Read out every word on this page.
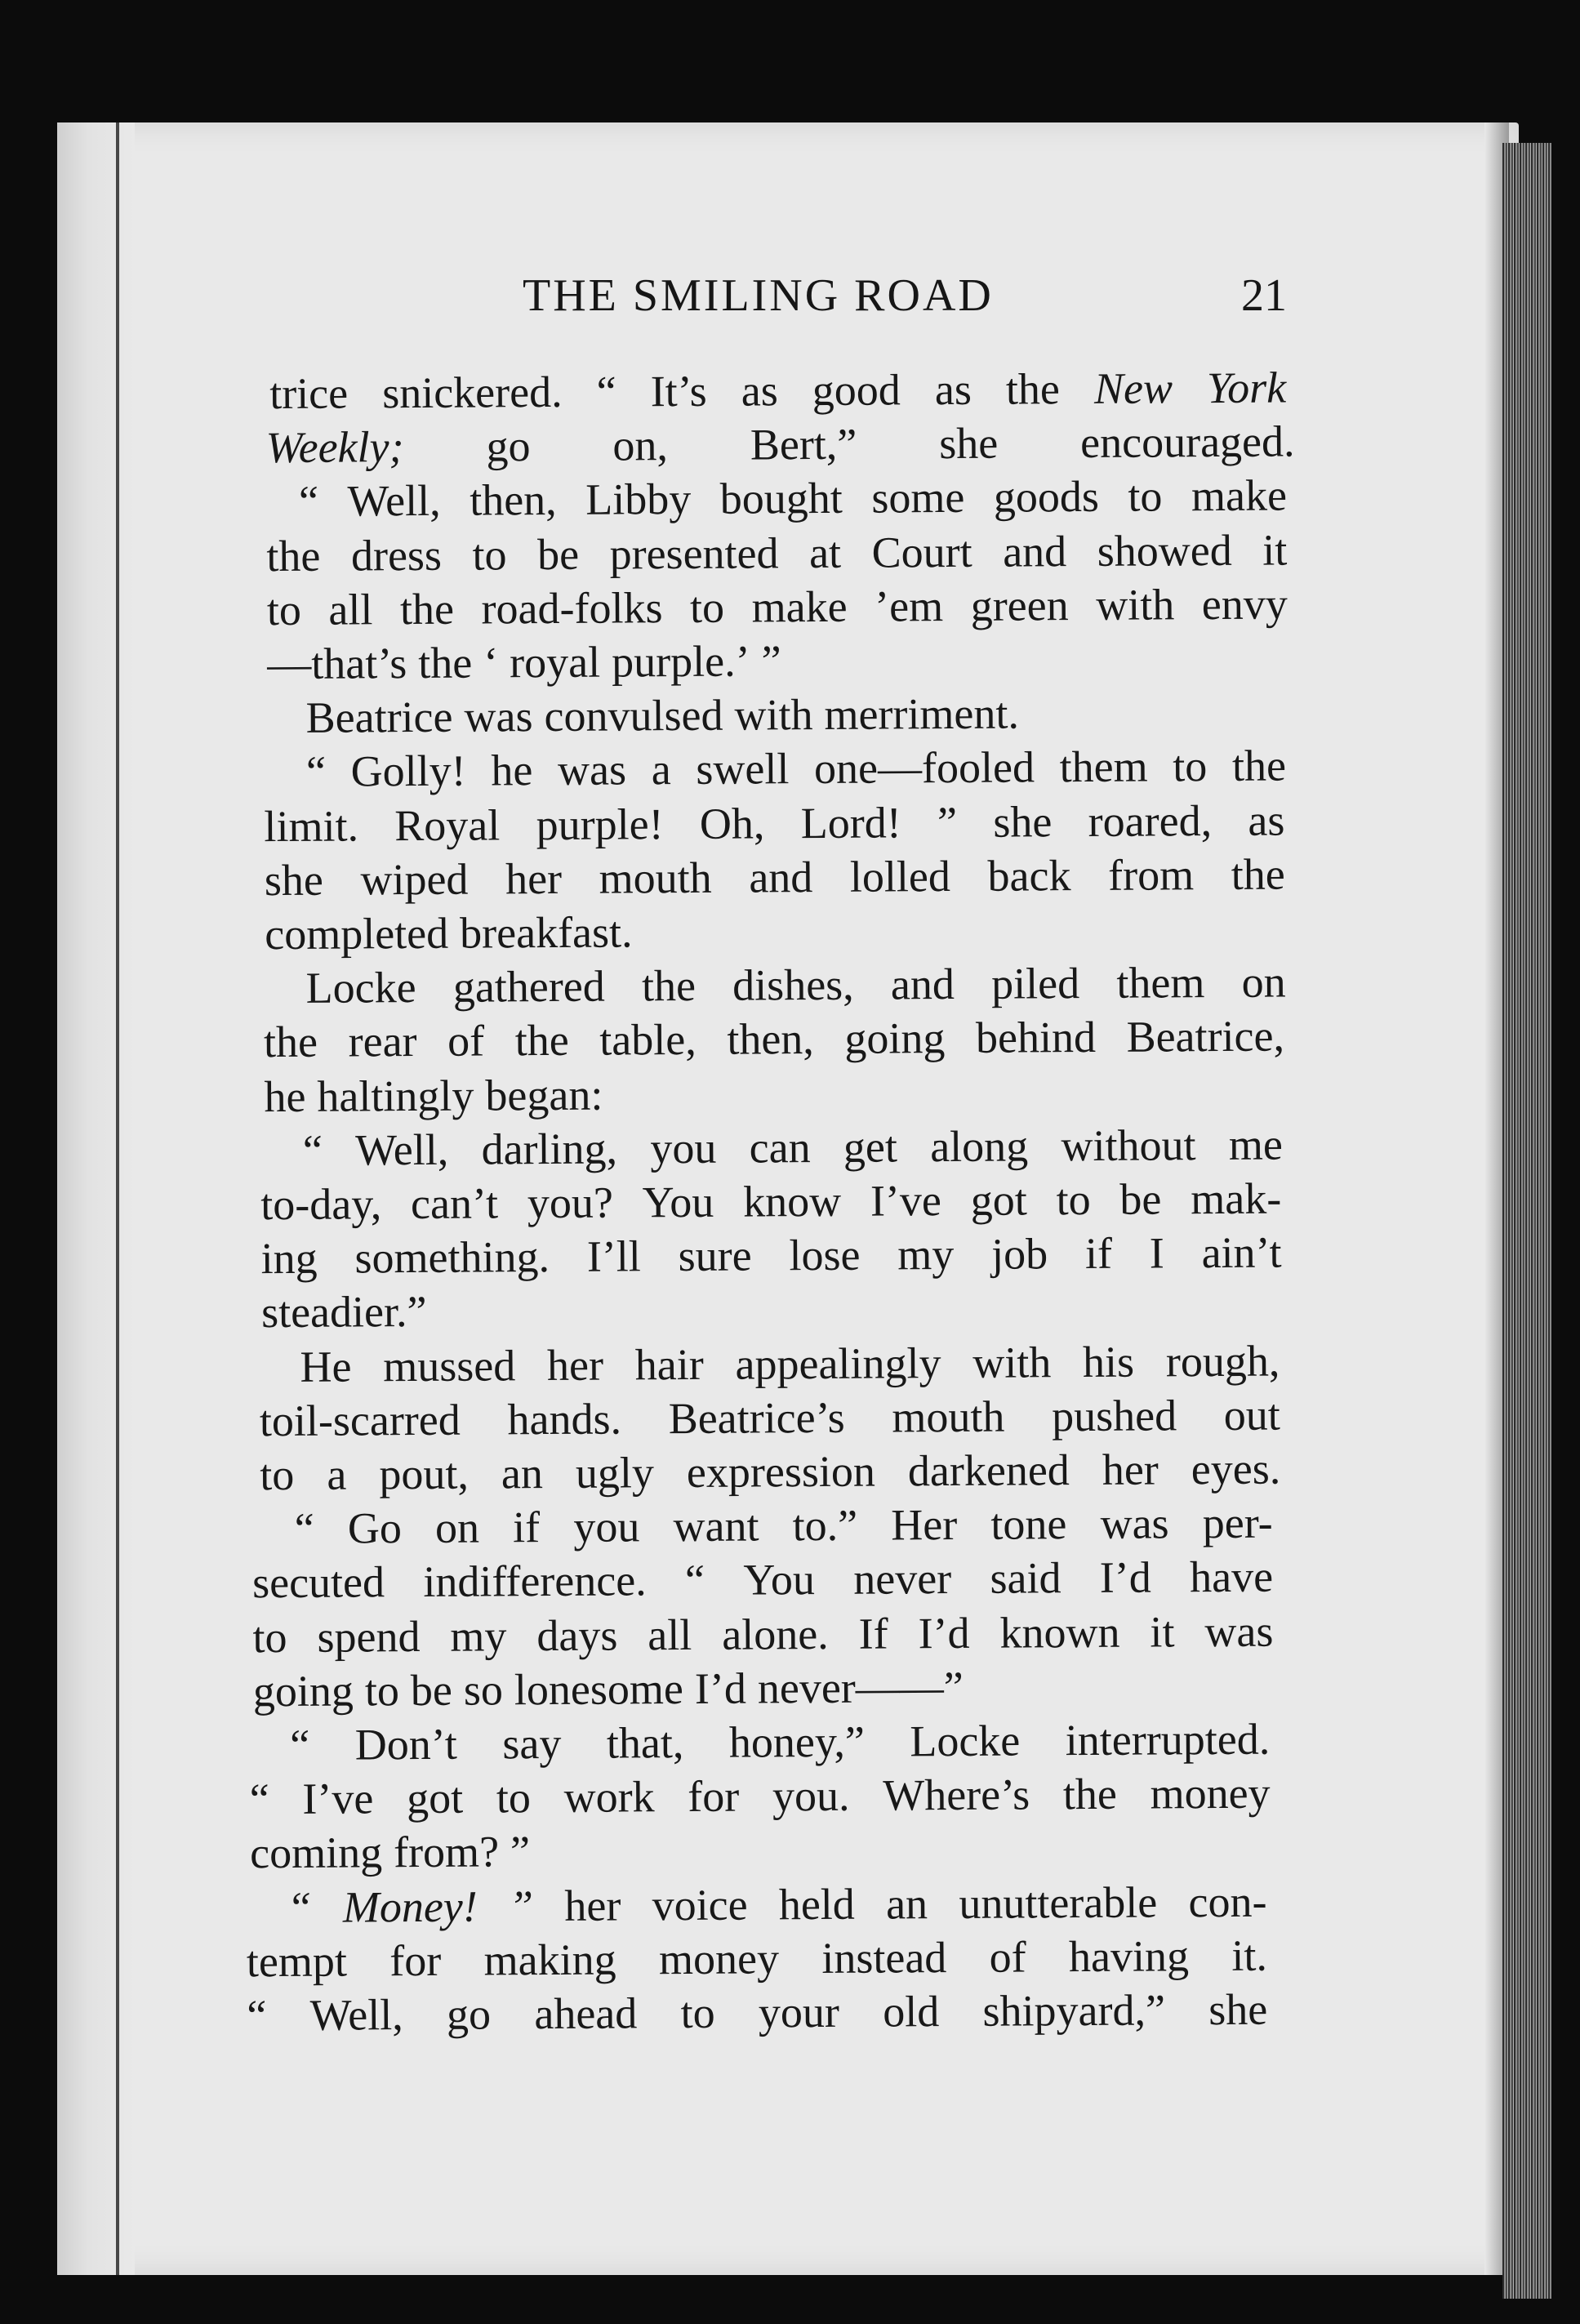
THE SMILING ROAD	21
trice snickered. “ It’s as good as the New York
Weekly; go on, Bert,” she encouraged.
“ Well, then, Libby bought some goods to make
the dress to be presented at Court and showed it
to all the road-folks to make ’em green with envy
—that’s the ‘ royal purple.’ ”
Beatrice was convulsed with merriment.
“ Golly! he was a swell one—fooled them to the
limit. Royal purple! Oh, Lord! ” she roared, as
she wiped her mouth and lolled back from the
completed breakfast.
Locke gathered the dishes, and piled them on
the rear of the table, then, going behind Beatrice,
he haltingly began:
“ Well, darling, you can get along without me
to-day, can’t you? You know I’ve got to be mak-
ing something. I’ll sure lose my job if I ain’t
steadier.”
He mussed her hair appealingly with his rough,
toil-scarred hands. Beatrice’s mouth pushed out
to a pout, an ugly expression darkened her eyes.
“ Go on if you want to.” Her tone was per-
secuted indifference. “ You never said I’d have
to spend my days all alone. If I’d known it was
going to be so lonesome I’d never——”
“ Don’t say that, honey,” Locke interrupted.
“ I’ve got to work for you. Where’s the money
coming from? ”
“ Money! ” her voice held an unutterable con-
tempt for making money instead of having it.
“ Well, go ahead to your old shipyard,” she
